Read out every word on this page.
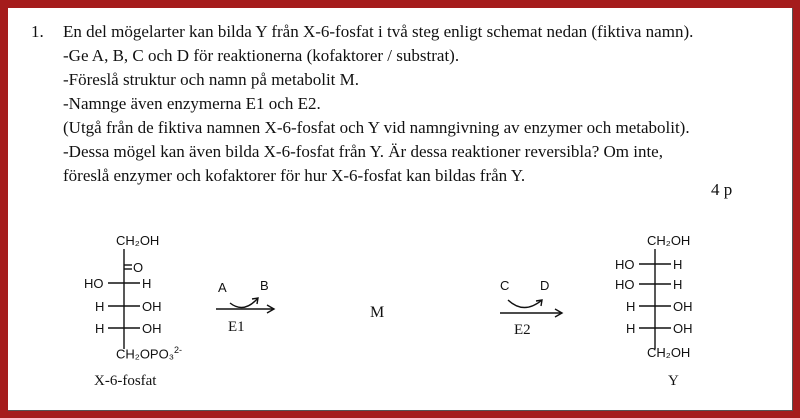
1. En del mögelarter kan bilda Y från X-6-fosfat i två steg enligt schemat nedan (fiktiva namn).
-Ge A, B, C och D för reaktionerna (kofaktorer / substrat).
-Föreslå struktur och namn på metabolit M.
-Namnge även enzymerna E1 och E2.
(Utgå från de fiktiva namnen X-6-fosfat och Y vid namngivning av enzymer och metabolit).
-Dessa mögel kan även bilda X-6-fosfat från Y. Är dessa reaktioner reversibla? Om inte,
föreslå enzymer och kofaktorer för hur X-6-fosfat kan bildas från Y.
4 p
CH₂OH
O
HO	H
H	OH
H	OH
CH₂OPO₃$^{2-}$
X-6-fosfat
A	B
E1
M
C D
E2
CH₂OH
HO	H
HO	H
H	OH
H	OH
CH₂OH
Y
